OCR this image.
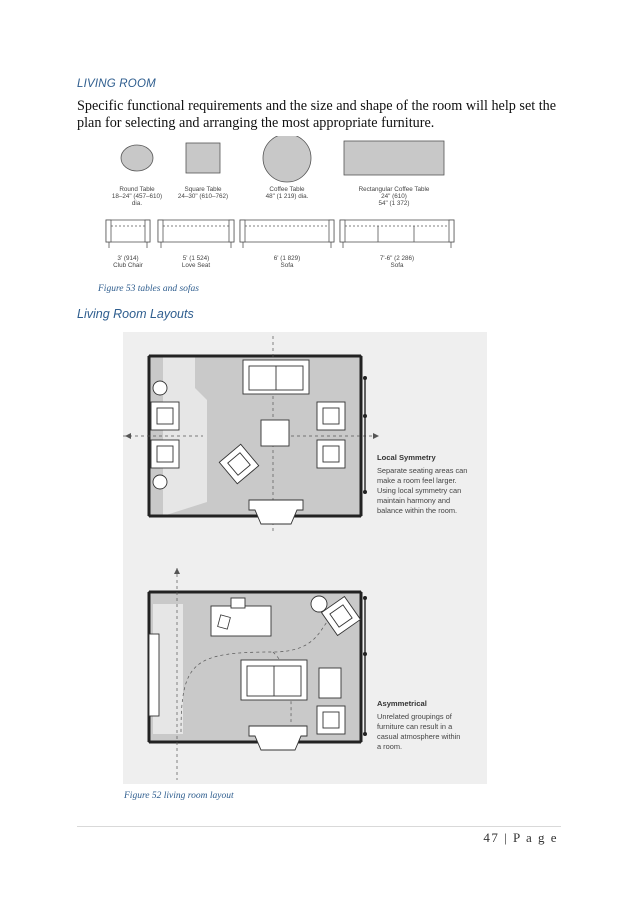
LIVING ROOM
Specific functional requirements and the size and shape of the room will help set the plan for selecting and arranging the most appropriate furniture.
Round Table
18–24" (457–610)
dia.
Square Table
24–30" (610–762)
Coffee Table
48" (1 219) dia.
Rectangular Coffee Table
24" (610)
54" (1 372)
3' (914)
Club Chair
5' (1 524)
Love Seat
6' (1 829)
Sofa
7'-6" (2 286)
Sofa
Figure 53 tables and sofas
Living Room Layouts
Local Symmetry
Separate seating areas can
make a room feel larger.
Using local symmetry can
maintain harmony and
balance within the room.
Asymmetrical
Unrelated groupings of
furniture can result in a
casual atmosphere within
a room.
Figure 52 living room layout
47 | P a g e
